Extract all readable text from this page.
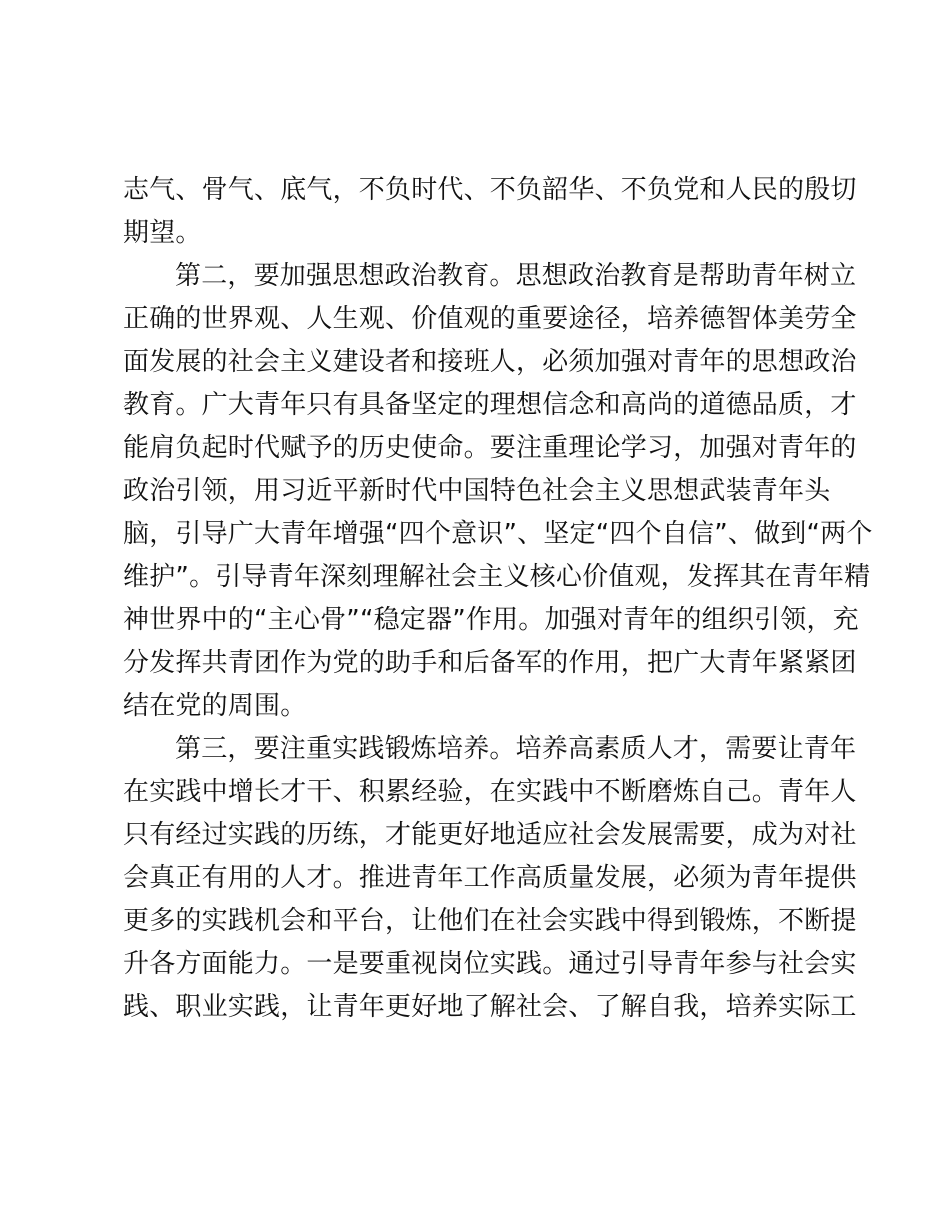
志气、骨气、底气，不负时代、不负韶华、不负党和人民的殷切
期望。
第二，要加强思想政治教育。思想政治教育是帮助青年树立
正确的世界观、人生观、价值观的重要途径，培养德智体美劳全
面发展的社会主义建设者和接班人，必须加强对青年的思想政治
教育。广大青年只有具备坚定的理想信念和高尚的道德品质，才
能肩负起时代赋予的历史使命。要注重理论学习，加强对青年的
政治引领，用习近平新时代中国特色社会主义思想武装青年头
脑，引导广大青年增强“四个意识”、坚定“四个自信”、做到“两个
维护”。引导青年深刻理解社会主义核心价值观，发挥其在青年精
神世界中的“主心骨”“稳定器”作用。加强对青年的组织引领，充
分发挥共青团作为党的助手和后备军的作用，把广大青年紧紧团
结在党的周围。
第三，要注重实践锻炼培养。培养高素质人才，需要让青年
在实践中增长才干、积累经验，在实践中不断磨炼自己。青年人
只有经过实践的历练，才能更好地适应社会发展需要，成为对社
会真正有用的人才。推进青年工作高质量发展，必须为青年提供
更多的实践机会和平台，让他们在社会实践中得到锻炼，不断提
升各方面能力。一是要重视岗位实践。通过引导青年参与社会实
践、职业实践，让青年更好地了解社会、了解自我，培养实际工
